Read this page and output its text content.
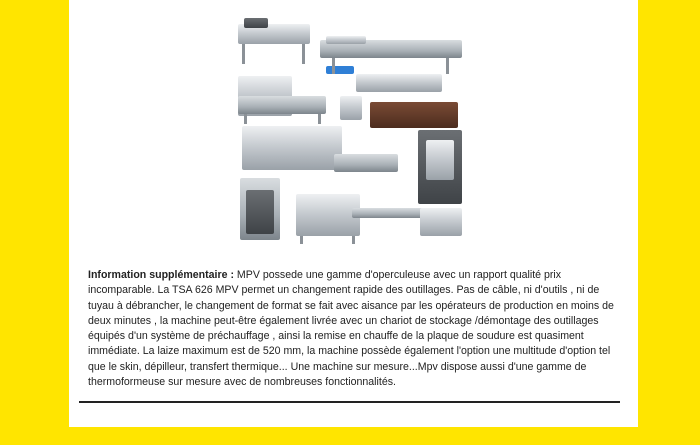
Information supplémentaire : MPV possede une gamme d'operculeuse avec un rapport qualité prix incomparable. La TSA 626 MPV permet un changement rapide des outillages. Pas de câble, ni d'outils , ni de tuyau à débrancher, le changement de format se fait avec aisance par les opérateurs de production en moins de deux minutes , la machine peut-être également livrée avec un chariot de stockage /démontage des outillages équipés d'un système de préchauffage , ainsi la remise en chauffe de la plaque de soudure est quasiment immédiate. La laize maximum est de 520 mm, la machine possède également l'option une multitude d'option tel que le skin, dépilleur, transfert thermique... Une machine sur mesure...Mpv dispose aussi d'une gamme de thermoformeuse sur mesure avec de nombreuses fonctionnalités.
